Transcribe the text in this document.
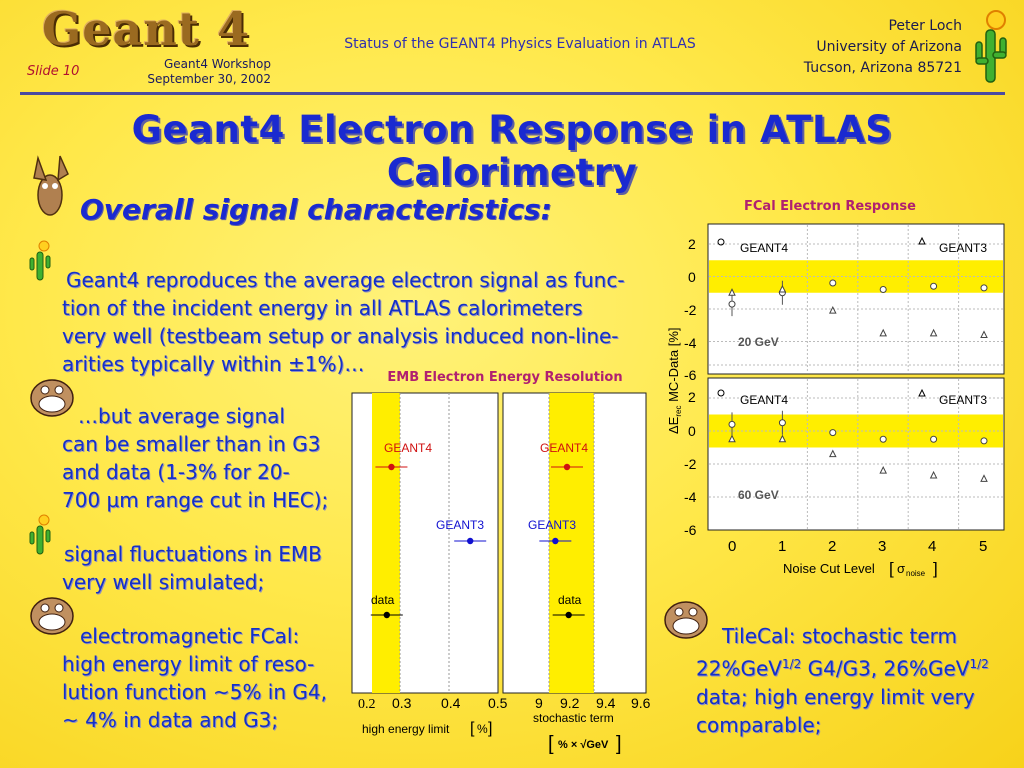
Geant 4
Slide 10	Geant4 Workshop
September 30, 2002
Status of the GEANT4 Physics Evaluation in ATLAS
Peter Loch
University of Arizona
Tucson, Arizona 85721
Geant4 Electron Response in ATLAS Calorimetry
Overall signal characteristics:
Geant4 reproduces the average electron signal as func-
tion of the incident energy in all ATLAS calorimeters
very well (testbeam setup or analysis induced non-line-
arities typically within ±1%)…
…but average signal
can be smaller than in G3
and data (1-3% for 20-
700 µm range cut in HEC);
signal fluctuations in EMB
very well simulated;
electromagnetic FCal:
high energy limit of reso-
lution function ~5% in G4,
~ 4% in data and G3;
TileCal: stochastic term
22%GeV$^{1/2}$ G4/G3, 26%GeV$^{1/2}$
data; high energy limit very
comparable;
EMB Electron Energy Resolution
0.2 0.3 0.4 0.5 9 9.2 9.4 9.6
GEANT4	GEANT4
GEANT3	GEANT3
data	data
high energy limit [ % ]
stochastic term
[ % × √GeV ]
FCal Electron Response
2
0
-2
-4
-6
2
0
-2
-4
-6
0	1	2	3	4	5
GEANT4	GEANT3
GEANT4	GEANT3
20 GeV
60 GeV
Noise Cut Level [ σ noise ]
$\Delta E_{rec}$ MC-Data [%]
